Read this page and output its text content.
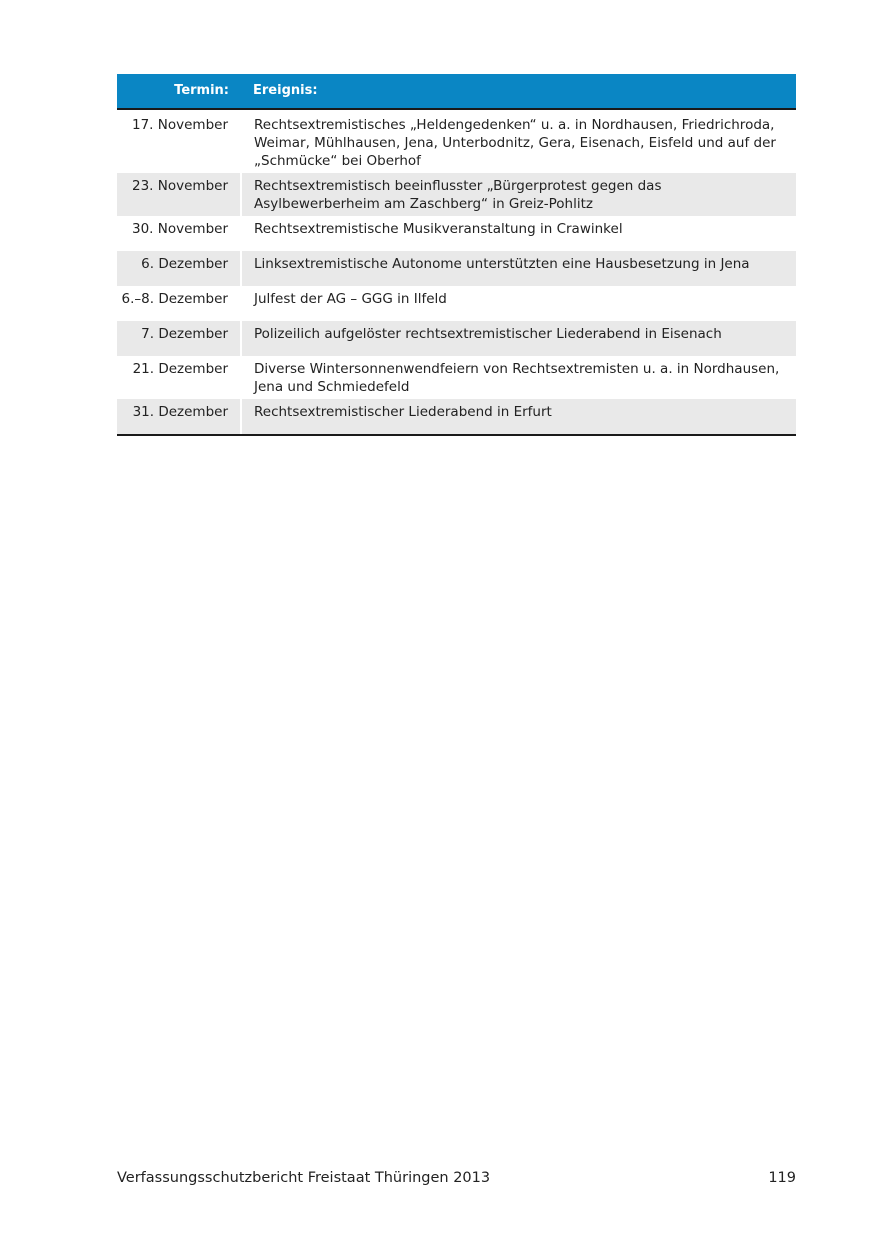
Termin:	Ereignis:
17. November	Rechtsextremistisches „Heldengedenken“ u. a. in Nordhausen, Friedrichroda, Weimar, Mühlhausen, Jena, Unterbodnitz, Gera, Eisenach, Eisfeld und auf der „Schmücke“ bei Oberhof
23. November	Rechtsextremistisch beeinflusster „Bürgerprotest gegen das Asylbewerberheim am Zaschberg“ in Greiz-Pohlitz
30. November	Rechtsextremistische Musikveranstaltung in Crawinkel
6. Dezember	Linksextremistische Autonome unterstützten eine Hausbesetzung in Jena
6.–8. Dezember	Julfest der AG – GGG in Ilfeld
7. Dezember	Polizeilich aufgelöster rechtsextremistischer Liederabend in Eisenach
21. Dezember	Diverse Wintersonnenwendfeiern von Rechtsextremisten u. a. in Nordhausen, Jena und Schmiedefeld
31. Dezember	Rechtsextremistischer Liederabend in Erfurt
Verfassungsschutzbericht Freistaat Thüringen 2013	119
